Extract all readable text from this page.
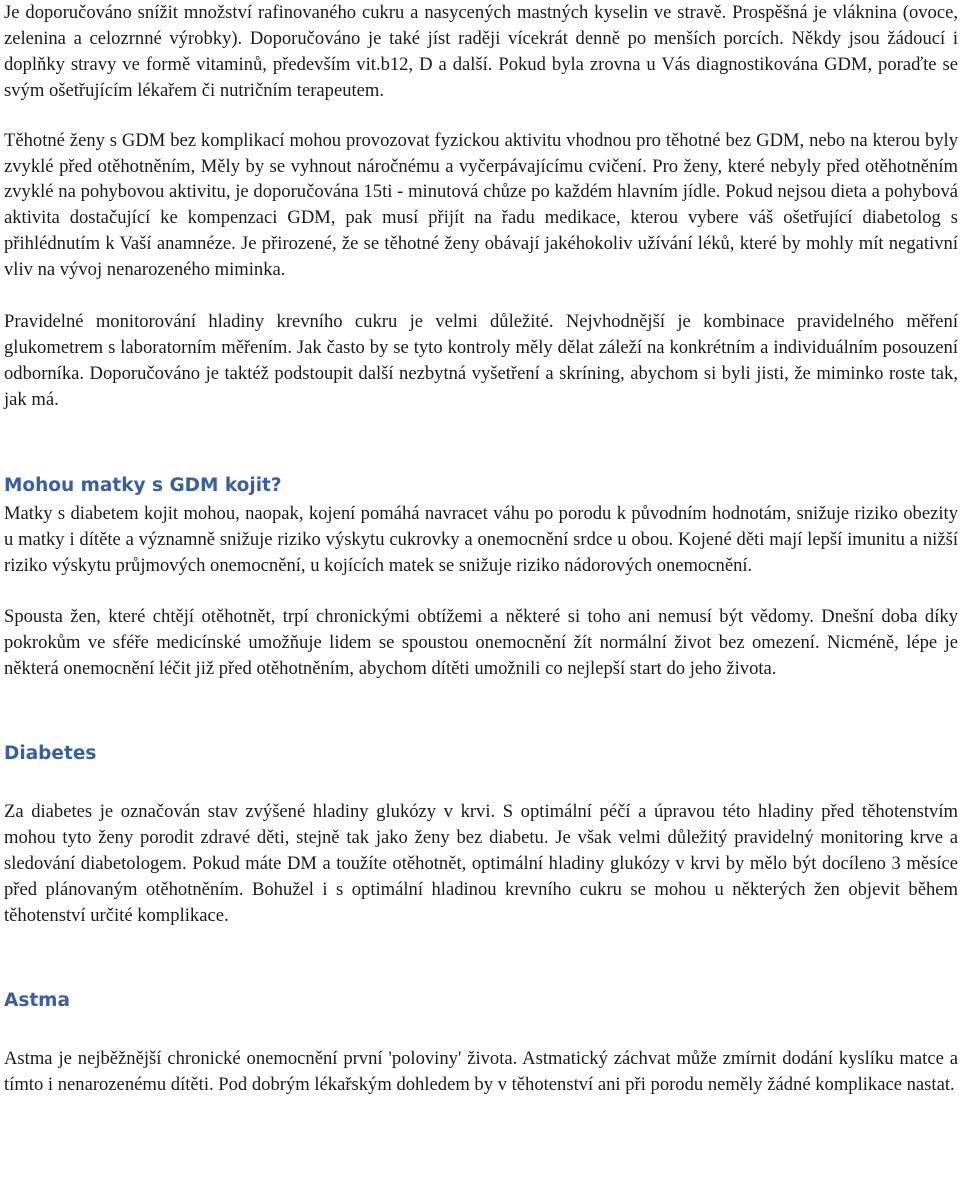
Je doporučováno snížit množství rafinovaného cukru a nasycených mastných kyselin ve stravě. Prospěšná je vláknina (ovoce, zelenina a celozrnné výrobky). Doporučováno je také jíst raději vícekrát denně po menších porcích. Někdy jsou žádoucí i doplňky stravy ve formě vitaminů, především vit.b12, D a další. Pokud byla zrovna u Vás diagnostikována GDM, poraďte se svým ošetřujícím lékařem či nutričním terapeutem.

Těhotné ženy s GDM bez komplikací mohou provozovat fyzickou aktivitu vhodnou pro těhotné bez GDM, nebo na kterou byly zvyklé před otěhotněním, Měly by se vyhnout náročnému a vyčerpávajícímu cvičení. Pro ženy, které nebyly před otěhotněním zvyklé na pohybovou aktivitu, je doporučována 15ti - minutová chůze po každém hlavním jídle. Pokud nejsou dieta a pohybová aktivita dostačující ke kompenzaci GDM, pak musí přijít na řadu medikace, kterou vybere váš ošetřující diabetolog s přihlédnutím k Vaší anamnéze. Je přirozené, že se těhotné ženy obávají jakéhokoliv užívání léků, které by mohly mít negativní vliv na vývoj nenarozeného miminka.

Pravidelné monitorování hladiny krevního cukru je velmi důležité. Nejvhodnější je kombinace pravidelného měření glukometrem s laboratorním měřením. Jak často by se tyto kontroly měly dělat záleží na konkrétním a individuálním posouzení odborníka. Doporučováno je taktéž podstoupit další nezbytná vyšetření a skríning, abychom si byli jisti, že miminko roste tak, jak má.

Mohou matky s GDM kojit?

Matky s diabetem kojit mohou, naopak, kojení pomáhá navracet váhu po porodu k původním hodnotám, snižuje riziko obezity u matky i dítěte a významně snižuje riziko výskytu cukrovky a onemocnění srdce u obou. Kojené děti mají lepší imunitu a nižší riziko výskytu průjmových onemocnění, u kojících matek se snižuje riziko nádorových onemocnění.

Spousta žen, které chtějí otěhotnět, trpí chronickými obtížemi a některé si toho ani nemusí být vědomy. Dnešní doba díky pokrokům ve sféře medicínské umožňuje lidem se spoustou onemocnění žít normální život bez omezení. Nicméně, lépe je některá onemocnění léčit již před otěhotněním, abychom dítěti umožnili co nejlepší start do jeho života.

Diabetes

Za diabetes je označován stav zvýšené hladiny glukózy v krvi. S optimální péčí a úpravou této hladiny před těhotenstvím mohou tyto ženy porodit zdravé děti, stejně tak jako ženy bez diabetu. Je však velmi důležitý pravidelný monitoring krve a sledování diabetologem. Pokud máte DM a toužíte otěhotnět, optimální hladiny glukózy v krvi by mělo být docíleno 3 měsíce před plánovaným otěhotněním. Bohužel i s optimální hladinou krevního cukru se mohou u některých žen objevit během těhotenství určité komplikace.

Astma

Astma je nejběžnější chronické onemocnění první 'poloviny' života. Astmatický záchvat může zmírnit dodání kyslíku matce a tímto i nenarozenému dítěti. Pod dobrým lékařským dohledem by v těhotenství ani při porodu neměly žádné komplikace nastat.
